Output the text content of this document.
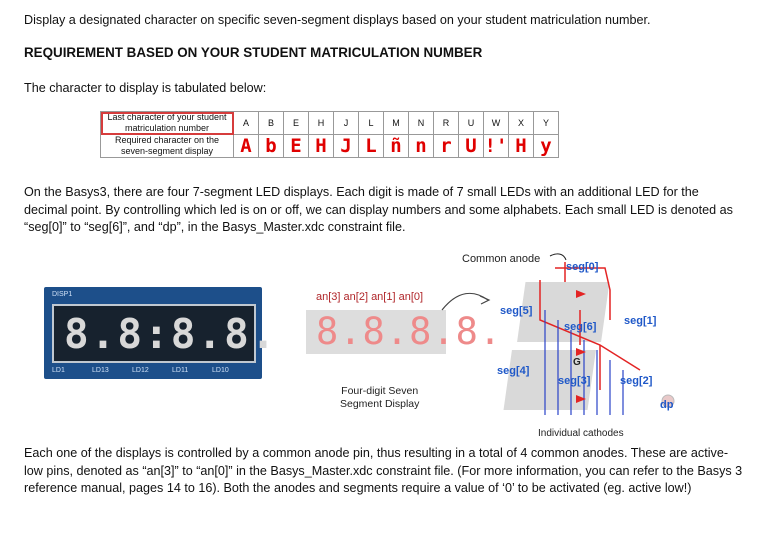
Display a designated character on specific seven-segment displays based on your student matriculation number.

REQUIREMENT BASED ON YOUR STUDENT MATRICULATION NUMBER

The character to display is tabulated below:

Last character of your student matriculation number	A	B	E	H	J	L	M	N	R	U	W	X	Y
Required character on the seven-segment display	A	b	E	H	J	L	ñ	n	r	U	!'	H	y

On the Basys3, there are four 7-segment LED displays. Each digit is made of 7 small LEDs with an additional LED for the decimal point. By controlling which led is on or off, we can display numbers and some alphabets. Each small LED is denoted as “seg[0]” to “seg[6]”, and “dp”, in the Basys_Master.xdc constraint file.

DISP1
8.8:8.8.
LD1	LD13	LD12	LD11	LD10
an[3] an[2] an[1] an[0]
8.8.8.8.
Four-digit Seven
Segment Display
Common anode
seg[0]
seg[1]
seg[2]
seg[3]
seg[4]
seg[5]
seg[6]
G
dp
Individual cathodes

Each one of the displays is controlled by a common anode pin, thus resulting in a total of 4 common anodes. These are active-low pins, denoted as “an[3]” to “an[0]” in the Basys_Master.xdc constraint file. (For more information, you can refer to the Basys 3 reference manual, pages 14 to 16). Both the anodes and segments require a value of ‘0’ to be activated (eg. active low!)
